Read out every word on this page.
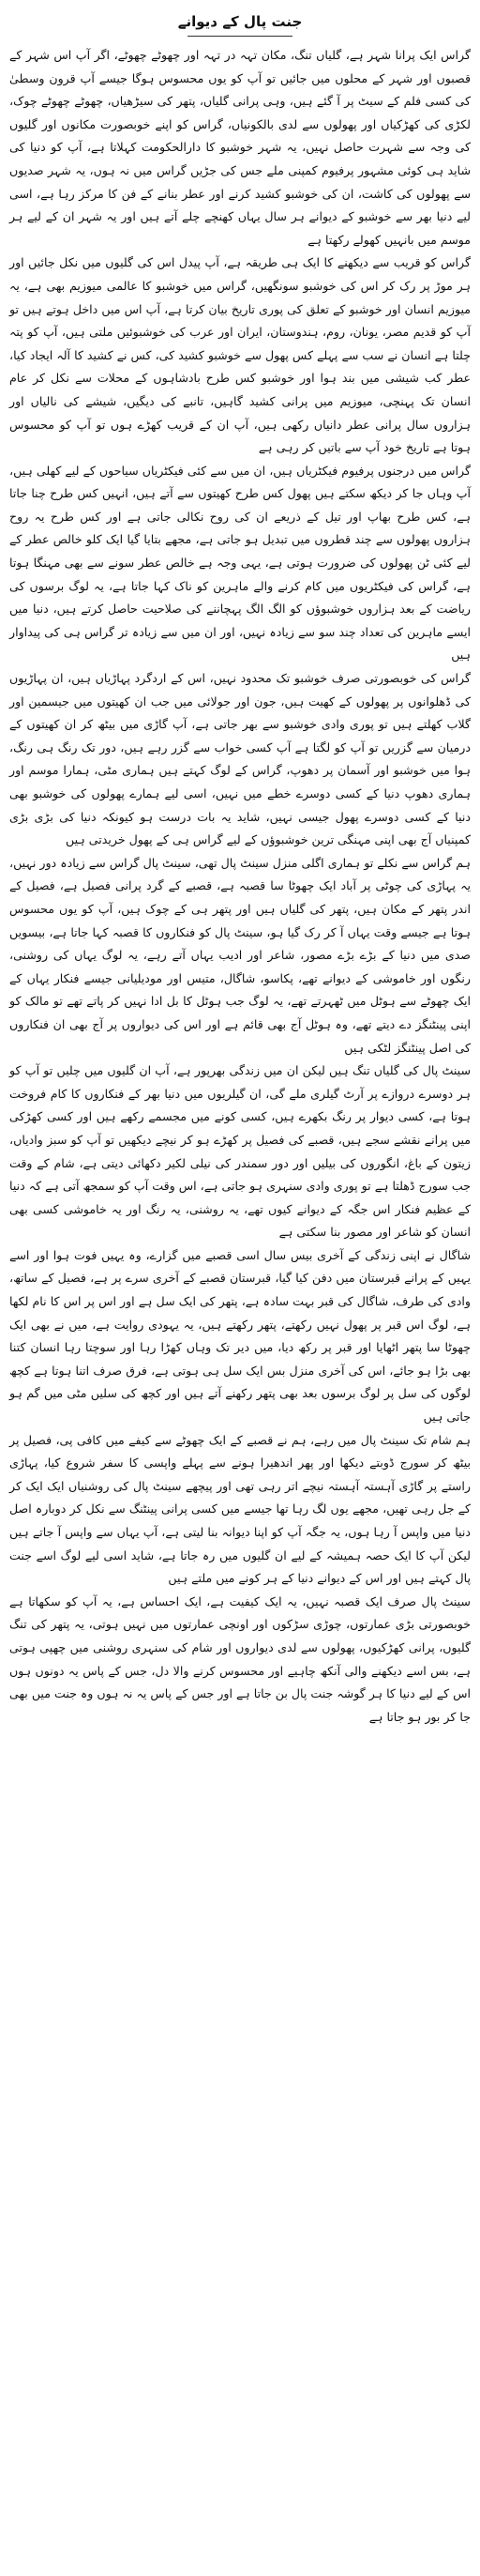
جنت پال کے دیوانے

گراس ایک پرانا شہر ہے، گلیاں تنگ، مکان تہہ در تہہ اور چھوٹے چھوٹے، اگر آپ اس شہر کے قصبوں اور شہر کے محلوں میں جائیں تو آپ کو یوں محسوس ہوگا جیسے آپ قرون وسطیٰ کی کسی فلم کے سیٹ پر آ گئے ہیں، وہی پرانی گلیاں، پتھر کی سیڑھیاں، چھوٹے چھوٹے چوک، لکڑی کی کھڑکیاں اور پھولوں سے لدی بالکونیاں، گراس کو اپنے خوبصورت مکانوں اور گلیوں کی وجہ سے شہرت حاصل نہیں، یہ شہر خوشبو کا دارالحکومت کہلاتا ہے، آپ کو دنیا کی شاید ہی کوئی مشہور پرفیوم کمپنی ملے جس کی جڑیں گراس میں نہ ہوں، یہ شہر صدیوں سے پھولوں کی کاشت، ان کی خوشبو کشید کرنے اور عطر بنانے کے فن کا مرکز رہا ہے، اسی لیے دنیا بھر سے خوشبو کے دیوانے ہر سال یہاں کھنچے چلے آتے ہیں اور یہ شہر ان کے لیے ہر موسم میں بانہیں کھولے رکھتا ہے

گراس کو قریب سے دیکھنے کا ایک ہی طریقہ ہے، آپ پیدل اس کی گلیوں میں نکل جائیں اور ہر موڑ پر رک کر اس کی خوشبو سونگھیں، گراس میں خوشبو کا عالمی میوزیم بھی ہے، یہ میوزیم انسان اور خوشبو کے تعلق کی پوری تاریخ بیان کرتا ہے، آپ اس میں داخل ہوتے ہیں تو آپ کو قدیم مصر، یونان، روم، ہندوستان، ایران اور عرب کی خوشبوئیں ملتی ہیں، آپ کو پتہ چلتا ہے انسان نے سب سے پہلے کس پھول سے خوشبو کشید کی، کس نے کشید کا آلہ ایجاد کیا، عطر کب شیشی میں بند ہوا اور خوشبو کس طرح بادشاہوں کے محلات سے نکل کر عام انسان تک پہنچی، میوزیم میں پرانی کشید گاہیں، تانبے کی دیگیں، شیشے کی نالیاں اور ہزاروں سال پرانی عطر دانیاں رکھی ہیں، آپ ان کے قریب کھڑے ہوں تو آپ کو محسوس ہوتا ہے تاریخ خود آپ سے باتیں کر رہی ہے

گراس میں درجنوں پرفیوم فیکٹریاں ہیں، ان میں سے کئی فیکٹریاں سیاحوں کے لیے کھلی ہیں، آپ وہاں جا کر دیکھ سکتے ہیں پھول کس طرح کھیتوں سے آتے ہیں، انہیں کس طرح چنا جاتا ہے، کس طرح بھاپ اور تیل کے ذریعے ان کی روح نکالی جاتی ہے اور کس طرح یہ روح ہزاروں پھولوں سے چند قطروں میں تبدیل ہو جاتی ہے، مجھے بتایا گیا ایک کلو خالص عطر کے لیے کئی ٹن پھولوں کی ضرورت ہوتی ہے، یہی وجہ ہے خالص عطر سونے سے بھی مہنگا ہوتا ہے، گراس کی فیکٹریوں میں کام کرنے والے ماہرین کو ناک کہا جاتا ہے، یہ لوگ برسوں کی ریاضت کے بعد ہزاروں خوشبوؤں کو الگ الگ پہچاننے کی صلاحیت حاصل کرتے ہیں، دنیا میں ایسے ماہرین کی تعداد چند سو سے زیادہ نہیں، اور ان میں سے زیادہ تر گراس ہی کی پیداوار ہیں

گراس کی خوبصورتی صرف خوشبو تک محدود نہیں، اس کے اردگرد پہاڑیاں ہیں، ان پہاڑیوں کی ڈھلوانوں پر پھولوں کے کھیت ہیں، جون اور جولائی میں جب ان کھیتوں میں جیسمین اور گلاب کھلتے ہیں تو پوری وادی خوشبو سے بھر جاتی ہے، آپ گاڑی میں بیٹھ کر ان کھیتوں کے درمیان سے گزریں تو آپ کو لگتا ہے آپ کسی خواب سے گزر رہے ہیں، دور تک رنگ ہی رنگ، ہوا میں خوشبو اور آسمان پر دھوپ، گراس کے لوگ کہتے ہیں ہماری مٹی، ہمارا موسم اور ہماری دھوپ دنیا کے کسی دوسرے خطے میں نہیں، اسی لیے ہمارے پھولوں کی خوشبو بھی دنیا کے کسی دوسرے پھول جیسی نہیں، شاید یہ بات درست ہو کیونکہ دنیا کی بڑی بڑی کمپنیاں آج بھی اپنی مہنگی ترین خوشبوؤں کے لیے گراس ہی کے پھول خریدتی ہیں

ہم گراس سے نکلے تو ہماری اگلی منزل سینٹ پال تھی، سینٹ پال گراس سے زیادہ دور نہیں، یہ پہاڑی کی چوٹی پر آباد ایک چھوٹا سا قصبہ ہے، قصبے کے گرد پرانی فصیل ہے، فصیل کے اندر پتھر کے مکان ہیں، پتھر کی گلیاں ہیں اور پتھر ہی کے چوک ہیں، آپ کو یوں محسوس ہوتا ہے جیسے وقت یہاں آ کر رک گیا ہو، سینٹ پال کو فنکاروں کا قصبہ کہا جاتا ہے، بیسویں صدی میں دنیا کے بڑے بڑے مصور، شاعر اور ادیب یہاں آتے رہے، یہ لوگ یہاں کی روشنی، رنگوں اور خاموشی کے دیوانے تھے، پکاسو، شاگال، متیس اور مودیلیانی جیسے فنکار یہاں کے ایک چھوٹے سے ہوٹل میں ٹھہرتے تھے، یہ لوگ جب ہوٹل کا بل ادا نہیں کر پاتے تھے تو مالک کو اپنی پینٹنگز دے دیتے تھے، وہ ہوٹل آج بھی قائم ہے اور اس کی دیواروں پر آج بھی ان فنکاروں کی اصل پینٹنگز لٹکی ہیں

سینٹ پال کی گلیاں تنگ ہیں لیکن ان میں زندگی بھرپور ہے، آپ ان گلیوں میں چلیں تو آپ کو ہر دوسرے دروازے پر آرٹ گیلری ملے گی، ان گیلریوں میں دنیا بھر کے فنکاروں کا کام فروخت ہوتا ہے، کسی دیوار پر رنگ بکھرے ہیں، کسی کونے میں مجسمے رکھے ہیں اور کسی کھڑکی میں پرانے نقشے سجے ہیں، قصبے کی فصیل پر کھڑے ہو کر نیچے دیکھیں تو آپ کو سبز وادیاں، زیتون کے باغ، انگوروں کی بیلیں اور دور سمندر کی نیلی لکیر دکھائی دیتی ہے، شام کے وقت جب سورج ڈھلتا ہے تو پوری وادی سنہری ہو جاتی ہے، اس وقت آپ کو سمجھ آتی ہے کہ دنیا کے عظیم فنکار اس جگہ کے دیوانے کیوں تھے، یہ روشنی، یہ رنگ اور یہ خاموشی کسی بھی انسان کو شاعر اور مصور بنا سکتی ہے

شاگال نے اپنی زندگی کے آخری بیس سال اسی قصبے میں گزارے، وہ یہیں فوت ہوا اور اسے یہیں کے پرانے قبرستان میں دفن کیا گیا، قبرستان قصبے کے آخری سرے پر ہے، فصیل کے ساتھ، وادی کی طرف، شاگال کی قبر بہت سادہ ہے، پتھر کی ایک سل ہے اور اس پر اس کا نام لکھا ہے، لوگ اس قبر پر پھول نہیں رکھتے، پتھر رکھتے ہیں، یہ یہودی روایت ہے، میں نے بھی ایک چھوٹا سا پتھر اٹھایا اور قبر پر رکھ دیا، میں دیر تک وہاں کھڑا رہا اور سوچتا رہا انسان کتنا بھی بڑا ہو جائے، اس کی آخری منزل بس ایک سل ہی ہوتی ہے، فرق صرف اتنا ہوتا ہے کچھ لوگوں کی سل پر لوگ برسوں بعد بھی پتھر رکھنے آتے ہیں اور کچھ کی سلیں مٹی میں گم ہو جاتی ہیں

ہم شام تک سینٹ پال میں رہے، ہم نے قصبے کے ایک چھوٹے سے کیفے میں کافی پی، فصیل پر بیٹھ کر سورج ڈوبتے دیکھا اور پھر اندھیرا ہونے سے پہلے واپسی کا سفر شروع کیا، پہاڑی راستے پر گاڑی آہستہ آہستہ نیچے اتر رہی تھی اور پیچھے سینٹ پال کی روشنیاں ایک ایک کر کے جل رہی تھیں، مجھے یوں لگ رہا تھا جیسے میں کسی پرانی پینٹنگ سے نکل کر دوبارہ اصل دنیا میں واپس آ رہا ہوں، یہ جگہ آپ کو اپنا دیوانہ بنا لیتی ہے، آپ یہاں سے واپس آ جاتے ہیں لیکن آپ کا ایک حصہ ہمیشہ کے لیے ان گلیوں میں رہ جاتا ہے، شاید اسی لیے لوگ اسے جنت پال کہتے ہیں اور اس کے دیوانے دنیا کے ہر کونے میں ملتے ہیں

سینٹ پال صرف ایک قصبہ نہیں، یہ ایک کیفیت ہے، ایک احساس ہے، یہ آپ کو سکھاتا ہے خوبصورتی بڑی عمارتوں، چوڑی سڑکوں اور اونچی عمارتوں میں نہیں ہوتی، یہ پتھر کی تنگ گلیوں، پرانی کھڑکیوں، پھولوں سے لدی دیواروں اور شام کی سنہری روشنی میں چھپی ہوتی ہے، بس اسے دیکھنے والی آنکھ چاہیے اور محسوس کرنے والا دل، جس کے پاس یہ دونوں ہوں اس کے لیے دنیا کا ہر گوشہ جنت پال بن جاتا ہے اور جس کے پاس یہ نہ ہوں وہ جنت میں بھی جا کر بور ہو جاتا ہے
